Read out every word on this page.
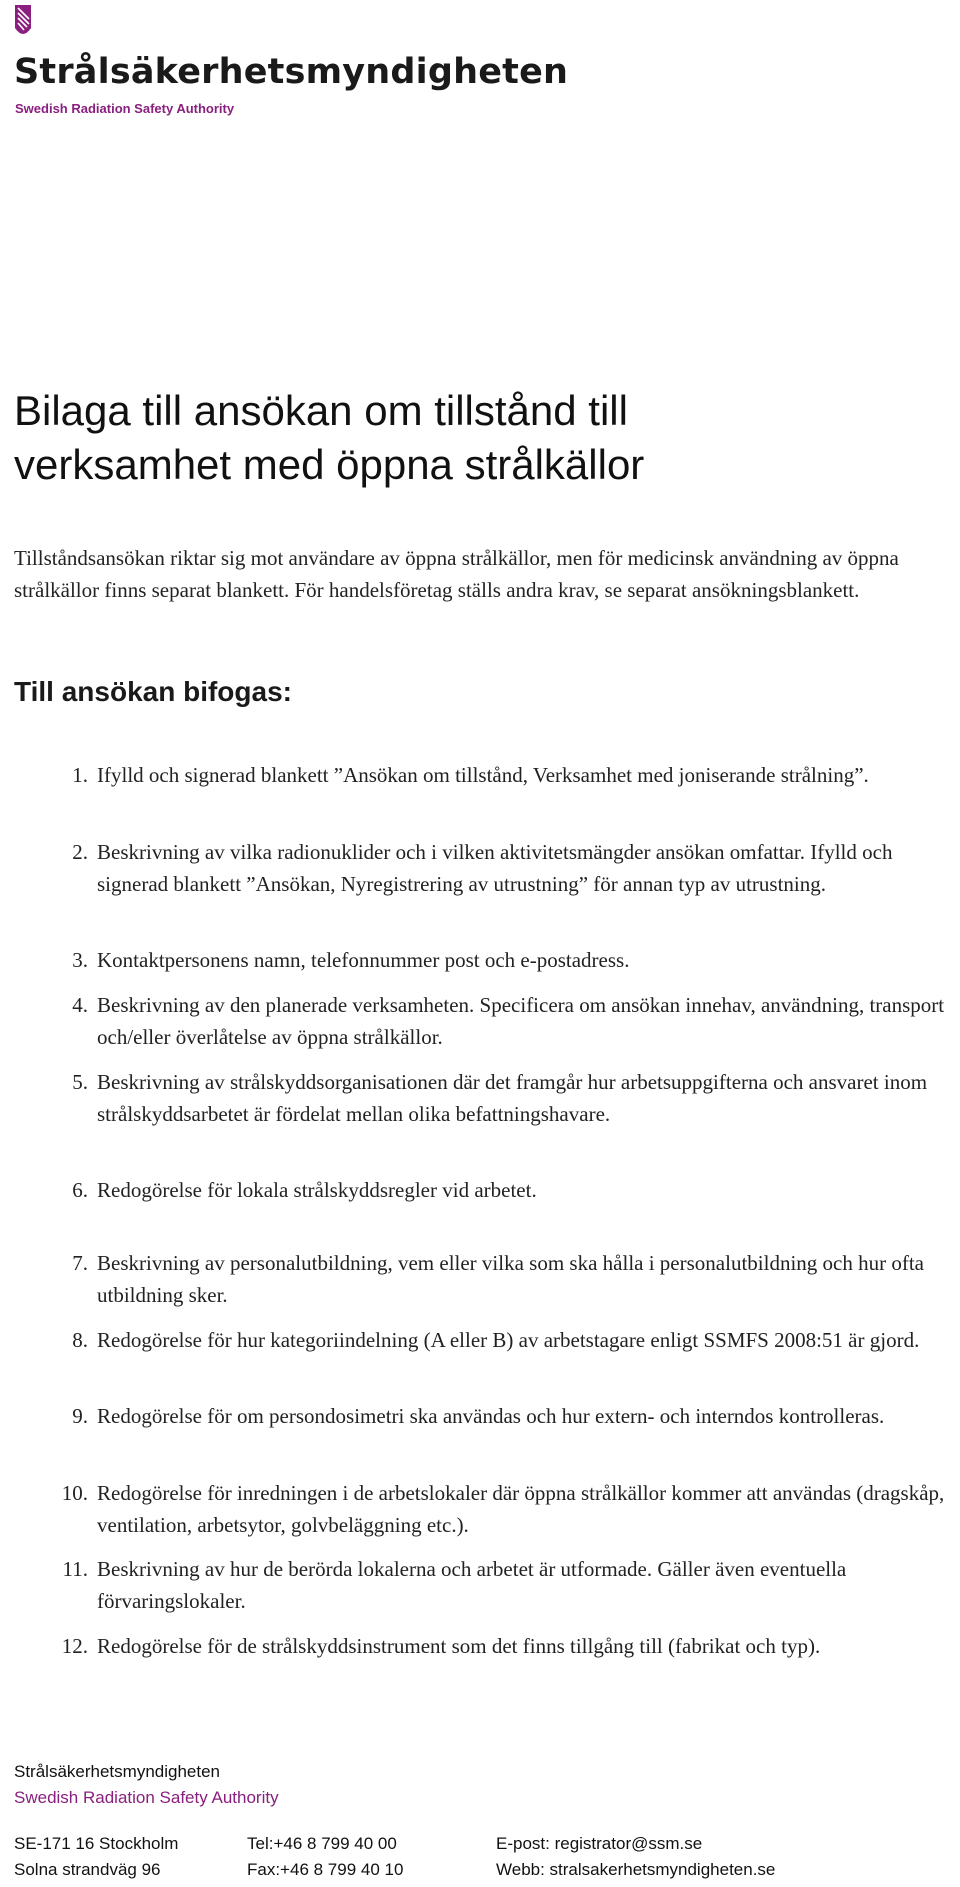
Strålsäkerhetsmyndigheten
Swedish Radiation Safety Authority
Bilaga till ansökan om tillstånd till
verksamhet med öppna strålkällor

Tillståndsansökan riktar sig mot användare av öppna strålkällor, men för medicinsk användning av öppna strålkällor finns separat blankett. För handelsföretag ställs andra krav, se separat ansökningsblankett.

Till ansökan bifogas:
1. Ifylld och signerad blankett ”Ansökan om tillstånd, Verksamhet med joniserande strålning”.
2. Beskrivning av vilka radionuklider och i vilken aktivitetsmängder ansökan omfattar. Ifylld och signerad blankett ”Ansökan, Nyregistrering av utrustning” för annan typ av utrustning.
3. Kontaktpersonens namn, telefonnummer post och e-postadress.
4. Beskrivning av den planerade verksamheten. Specificera om ansökan innehav, användning, transport och/eller överlåtelse av öppna strålkällor.
5. Beskrivning av strålskyddsorganisationen där det framgår hur arbetsuppgifterna och ansvaret inom strålskyddsarbetet är fördelat mellan olika befattningshavare.
6. Redogörelse för lokala strålskyddsregler vid arbetet.
7. Beskrivning av personalutbildning, vem eller vilka som ska hålla i personalutbildning och hur ofta utbildning sker.
8. Redogörelse för hur kategoriindelning (A eller B) av arbetstagare enligt SSMFS 2008:51 är gjord.
9. Redogörelse för om persondosimetri ska användas och hur extern- och interndos kontrolleras.
10. Redogörelse för inredningen i de arbetslokaler där öppna strålkällor kommer att användas (dragskåp, ventilation, arbetsytor, golvbeläggning etc.).
11. Beskrivning av hur de berörda lokalerna och arbetet är utformade. Gäller även eventuella förvaringslokaler.
12. Redogörelse för de strålskyddsinstrument som det finns tillgång till (fabrikat och typ).
Strålsäkerhetsmyndigheten
Swedish Radiation Safety Authority
SE-171 16 Stockholm
Solna strandväg 96
Tel:+46 8 799 40 00
Fax:+46 8 799 40 10
E-post: registrator@ssm.se
Webb: stralsakerhetsmyndigheten.se
